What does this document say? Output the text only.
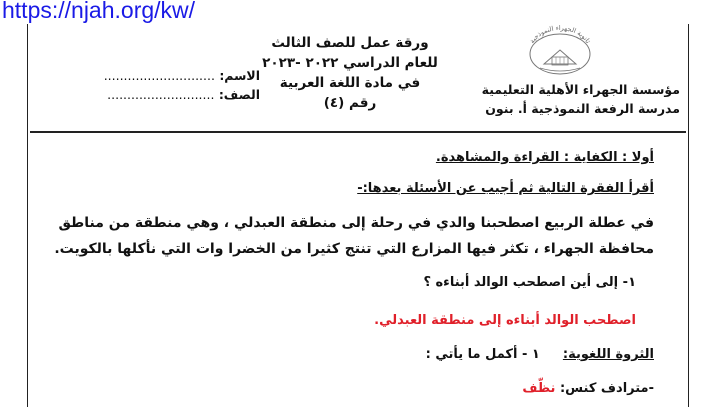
https://njah.org/kw/
ورقة عمل للصف الثالث
للعام الدراسي ٢٠٢٢ -٢٠٢٣
في مادة اللغة العربية
رقم (٤)
ثانوية الجهراء النموذجية
مؤسسة الجهراء الأهلية التعليمية
مدرسة الرفعة النموذجية أ. بنون
الاسم: ............................
الصف: ...........................
أولا : الكفاية : القراءة والمشاهدة.
أقرأ الفقرة التالية ثم أجيب عن الأسئلة بعدها:-
في عطلة الربيع اصطحبنا والدي في رحلة إلى منطقة العبدلي ، وهي منطقة من مناطق محافظة الجهراء ، تكثر فيها المزارع التي تنتج كثيرا من الخضرا وات التي نأكلها بالكويت.
١- إلى أين اصطحب الوالد أبناءه ؟
اصطحب الوالد أبناءه إلى منطقة العبدلي.
الثروة اللغوية:  ١ - أكمل ما يأتي :
-مترادف كنس: نظّف
